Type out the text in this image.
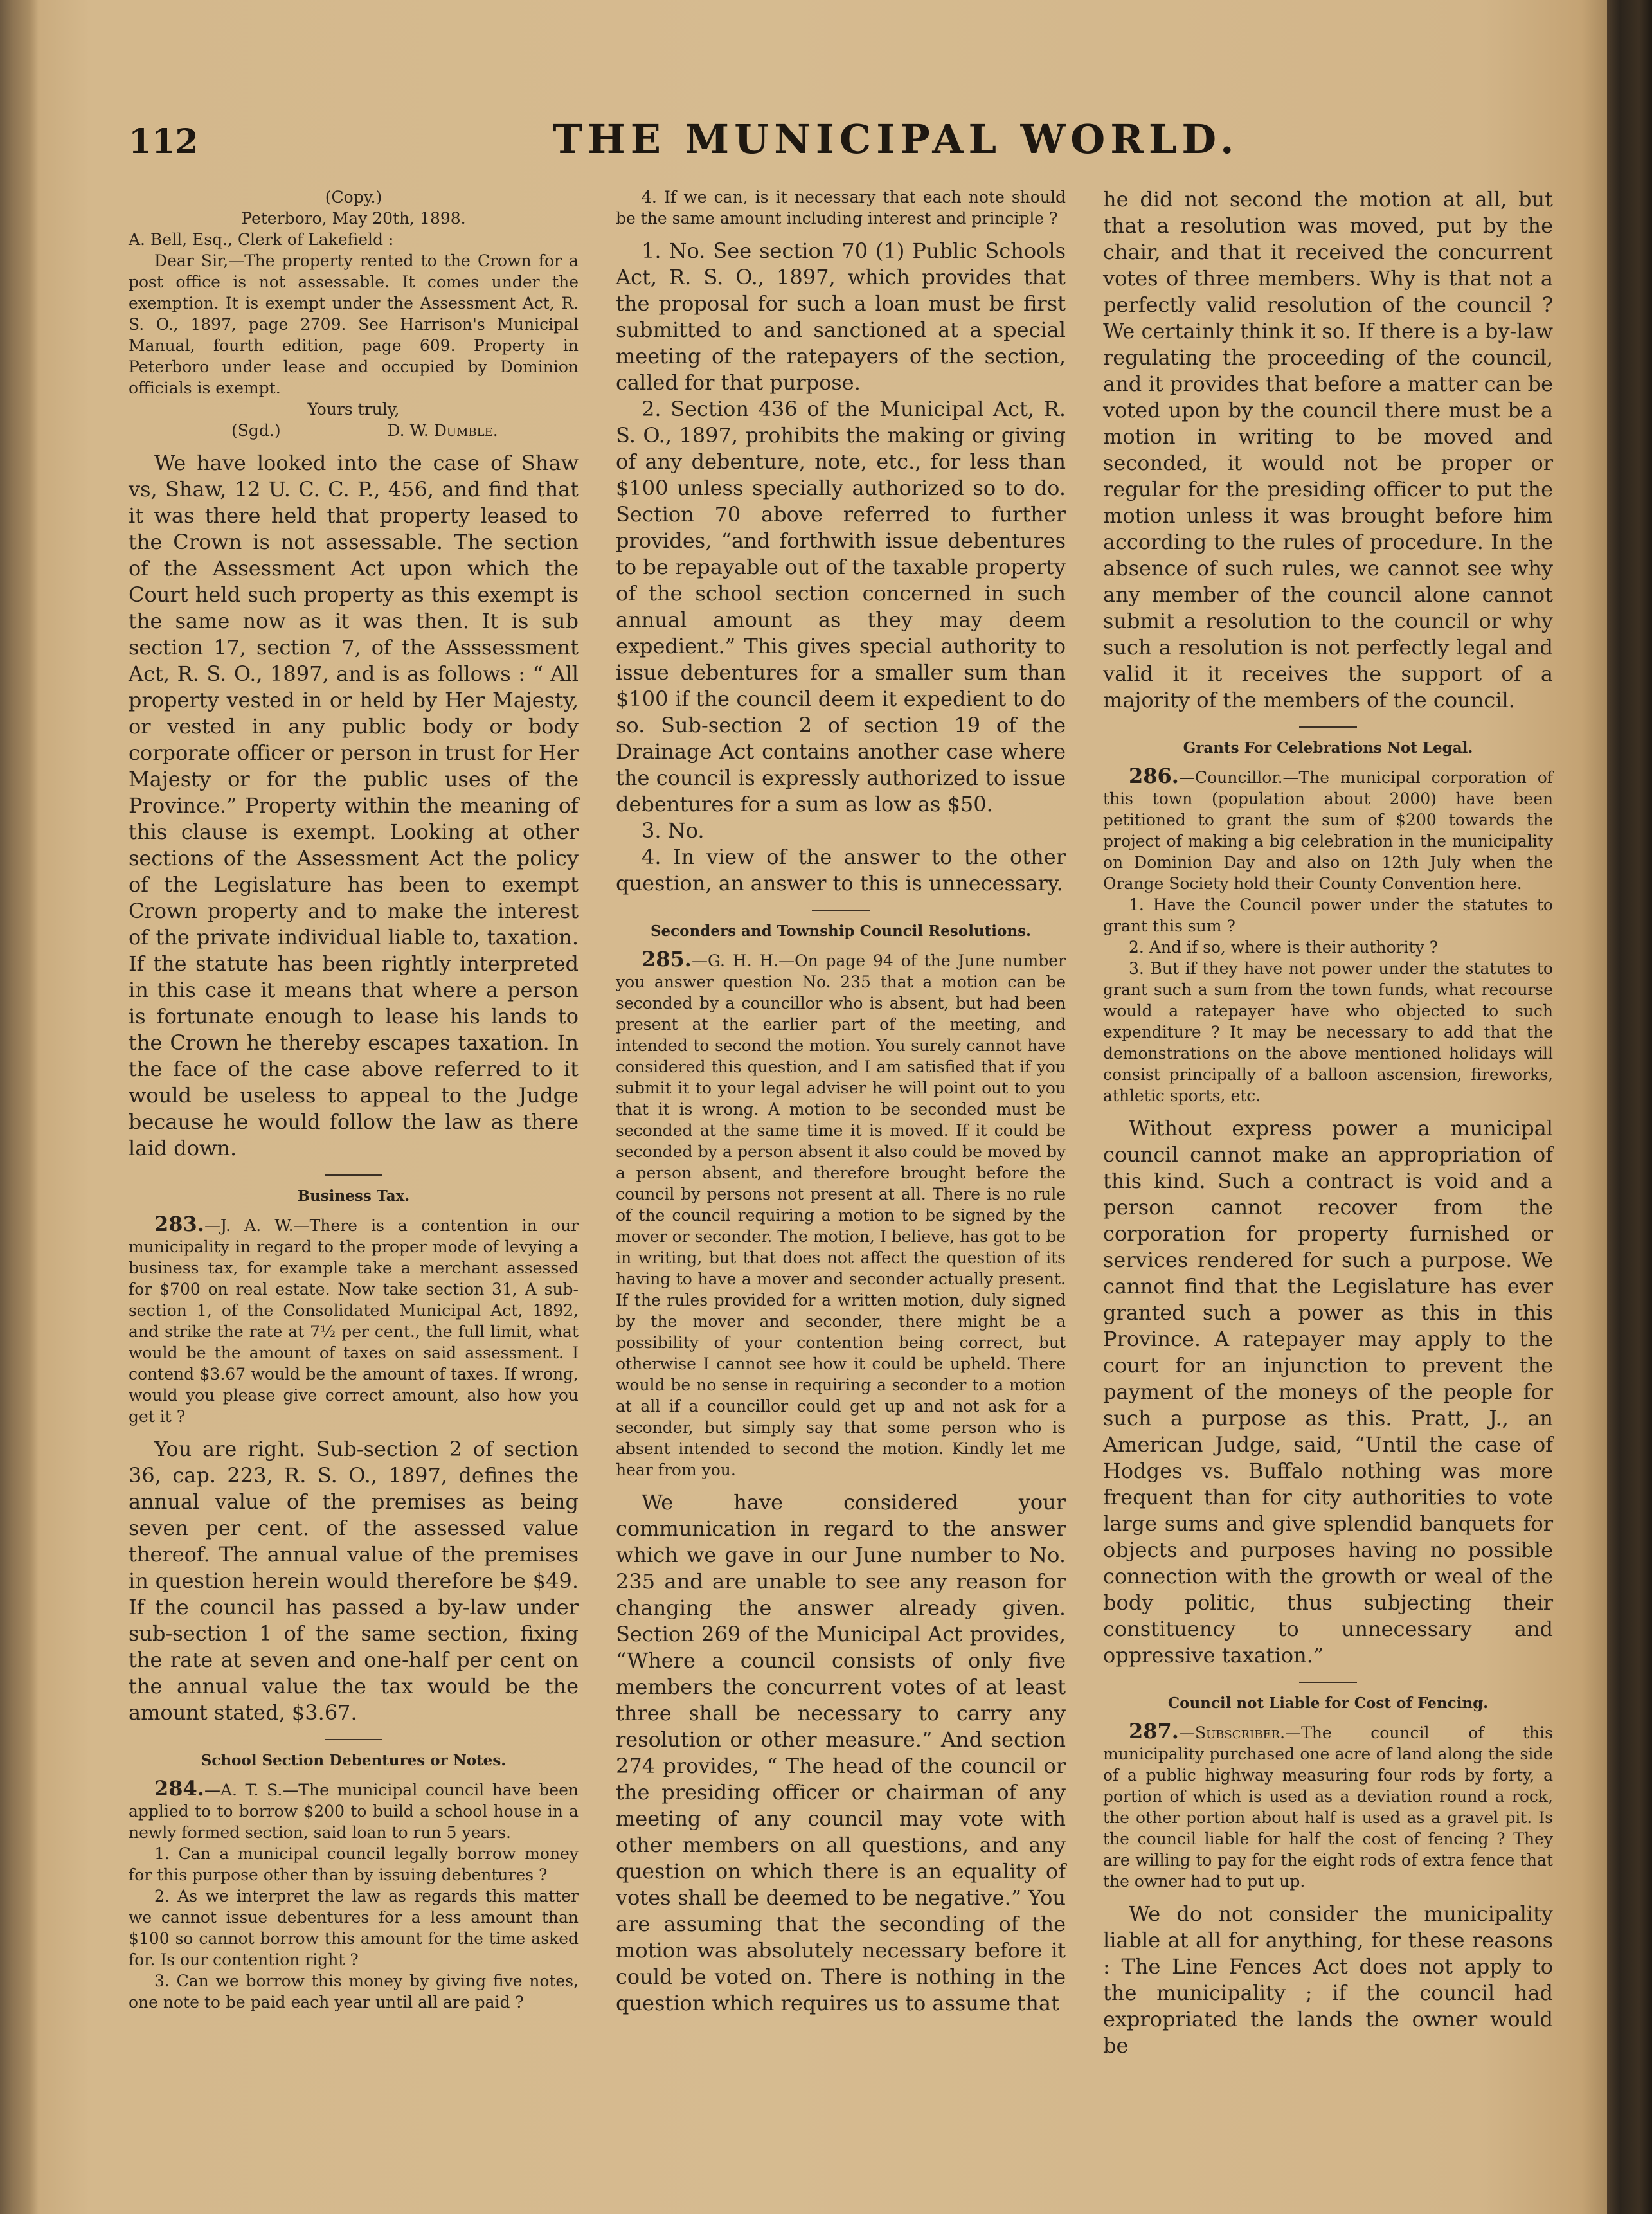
112	THE MUNICIPAL WORLD.

(Copy.)

Peterboro, May 20th, 1898.

A. Bell, Esq., Clerk of Lakefield :

Dear Sir,—The property rented to the Crown for a post office is not assessable. It comes under the exemption. It is exempt under the Assessment Act, R. S. O., 1897, page 2709. See Harrison's Municipal Manual, fourth edition, page 609. Property in Peterboro under lease and occupied by Dominion officials is exempt.

Yours truly,

(Sgd.)	D. W. Dumble.

We have looked into the case of Shaw vs, Shaw, 12 U. C. C. P., 456, and find that it was there held that property leased to the Crown is not assessable. The section of the Assessment Act upon which the Court held such property as this exempt is the same now as it was then. It is sub section 17, section 7, of the Asssessment Act, R. S. O., 1897, and is as follows : “ All property vested in or held by Her Majesty, or vested in any public body or body corporate officer or person in trust for Her Majesty or for the public uses of the Province.” Property within the meaning of this clause is exempt. Looking at other sections of the Assessment Act the policy of the Legislature has been to exempt Crown property and to make the interest of the private individual liable to, taxation. If the statute has been rightly interpreted in this case it means that where a person is fortunate enough to lease his lands to the Crown he thereby escapes taxation. In the face of the case above referred to it would be useless to appeal to the Judge because he would follow the law as there laid down.

Business Tax.

283.—J. A. W.—There is a contention in our municipality in regard to the proper mode of levying a business tax, for example take a merchant assessed for $700 on real estate. Now take section 31, A sub-section 1, of the Consolidated Municipal Act, 1892, and strike the rate at 7½ per cent., the full limit, what would be the amount of taxes on said assessment. I contend $3.67 would be the amount of taxes. If wrong, would you please give correct amount, also how you get it ?

You are right. Sub-section 2 of section 36, cap. 223, R. S. O., 1897, defines the annual value of the premises as being seven per cent. of the assessed value thereof. The annual value of the premises in question herein would therefore be $49. If the council has passed a by-law under sub-section 1 of the same section, fixing the rate at seven and one-half per cent on the annual value the tax would be the amount stated, $3.67.

School Section Debentures or Notes.

284.—A. T. S.—The municipal council have been applied to to borrow $200 to build a school house in a newly formed section, said loan to run 5 years.

1. Can a municipal council legally borrow money for this purpose other than by issuing debentures ?

2. As we interpret the law as regards this matter we cannot issue debentures for a less amount than $100 so cannot borrow this amount for the time asked for. Is our contention right ?

3. Can we borrow this money by giving five notes, one note to be paid each year until all are paid ?

4. If we can, is it necessary that each note should be the same amount including interest and principle ?

1. No. See section 70 (1) Public Schools Act, R. S. O., 1897, which provides that the proposal for such a loan must be first submitted to and sanctioned at a special meeting of the ratepayers of the section, called for that purpose.

2. Section 436 of the Municipal Act, R. S. O., 1897, prohibits the making or giving of any debenture, note, etc., for less than $100 unless specially authorized so to do. Section 70 above referred to further provides, “and forthwith issue debentures to be repayable out of the taxable property of the school section concerned in such annual amount as they may deem expedient.” This gives special authority to issue debentures for a smaller sum than $100 if the council deem it expedient to do so. Sub-section 2 of section 19 of the Drainage Act contains another case where the council is expressly authorized to issue debentures for a sum as low as $50.

3. No.

4. In view of the answer to the other question, an answer to this is unnecessary.

Seconders and Township Council Resolutions.

285.—G. H. H.—On page 94 of the June number you answer question No. 235 that a motion can be seconded by a councillor who is absent, but had been present at the earlier part of the meeting, and intended to second the motion. You surely cannot have considered this question, and I am satisfied that if you submit it to your legal adviser he will point out to you that it is wrong. A motion to be seconded must be seconded at the same time it is moved. If it could be seconded by a person absent it also could be moved by a person absent, and therefore brought before the council by persons not present at all. There is no rule of the council requiring a motion to be signed by the mover or seconder. The motion, I believe, has got to be in writing, but that does not affect the question of its having to have a mover and seconder actually present. If the rules provided for a written motion, duly signed by the mover and seconder, there might be a possibility of your contention being correct, but otherwise I cannot see how it could be upheld. There would be no sense in requiring a seconder to a motion at all if a councillor could get up and not ask for a seconder, but simply say that some person who is absent intended to second the motion. Kindly let me hear from you.

We have considered your communication in regard to the answer which we gave in our June number to No. 235 and are unable to see any reason for changing the answer already given. Section 269 of the Municipal Act provides, “Where a council consists of only five members the concurrent votes of at least three shall be necessary to carry any resolution or other measure.” And section 274 provides, “ The head of the council or the presiding officer or chairman of any meeting of any council may vote with other members on all questions, and any question on which there is an equality of votes shall be deemed to be negative.” You are assuming that the seconding of the motion was absolutely necessary before it could be voted on. There is nothing in the question which requires us to assume that

he did not second the motion at all, but that a resolution was moved, put by the chair, and that it received the concurrent votes of three members. Why is that not a perfectly valid resolution of the council ? We certainly think it so. If there is a by-law regulating the proceeding of the council, and it provides that before a matter can be voted upon by the council there must be a motion in writing to be moved and seconded, it would not be proper or regular for the presiding officer to put the motion unless it was brought before him according to the rules of procedure. In the absence of such rules, we cannot see why any member of the council alone cannot submit a resolution to the council or why such a resolution is not perfectly legal and valid it it receives the support of a majority of the members of the council.

Grants For Celebrations Not Legal.

286.—Councillor.—The municipal corporation of this town (population about 2000) have been petitioned to grant the sum of $200 towards the project of making a big celebration in the municipality on Dominion Day and also on 12th July when the Orange Society hold their County Convention here.

1. Have the Council power under the statutes to grant this sum ?

2. And if so, where is their authority ?

3. But if they have not power under the statutes to grant such a sum from the town funds, what recourse would a ratepayer have who objected to such expenditure ? It may be necessary to add that the demonstrations on the above mentioned holidays will consist principally of a balloon ascension, fireworks, athletic sports, etc.

Without express power a municipal council cannot make an appropriation of this kind. Such a contract is void and a person cannot recover from the corporation for property furnished or services rendered for such a purpose. We cannot find that the Legislature has ever granted such a power as this in this Province. A ratepayer may apply to the court for an injunction to prevent the payment of the moneys of the people for such a purpose as this. Pratt, J., an American Judge, said, “Until the case of Hodges vs. Buffalo nothing was more frequent than for city authorities to vote large sums and give splendid banquets for objects and purposes having no possible connection with the growth or weal of the body politic, thus subjecting their constituency to unnecessary and oppressive taxation.”

Council not Liable for Cost of Fencing.

287.—Subscriber.—The council of this municipality purchased one acre of land along the side of a public highway measuring four rods by forty, a portion of which is used as a deviation round a rock, the other portion about half is used as a gravel pit. Is the council liable for half the cost of fencing ? They are willing to pay for the eight rods of extra fence that the owner had to put up.

We do not consider the municipality liable at all for anything, for these reasons : The Line Fences Act does not apply to the municipality ; if the council had expropriated the lands the owner would be
